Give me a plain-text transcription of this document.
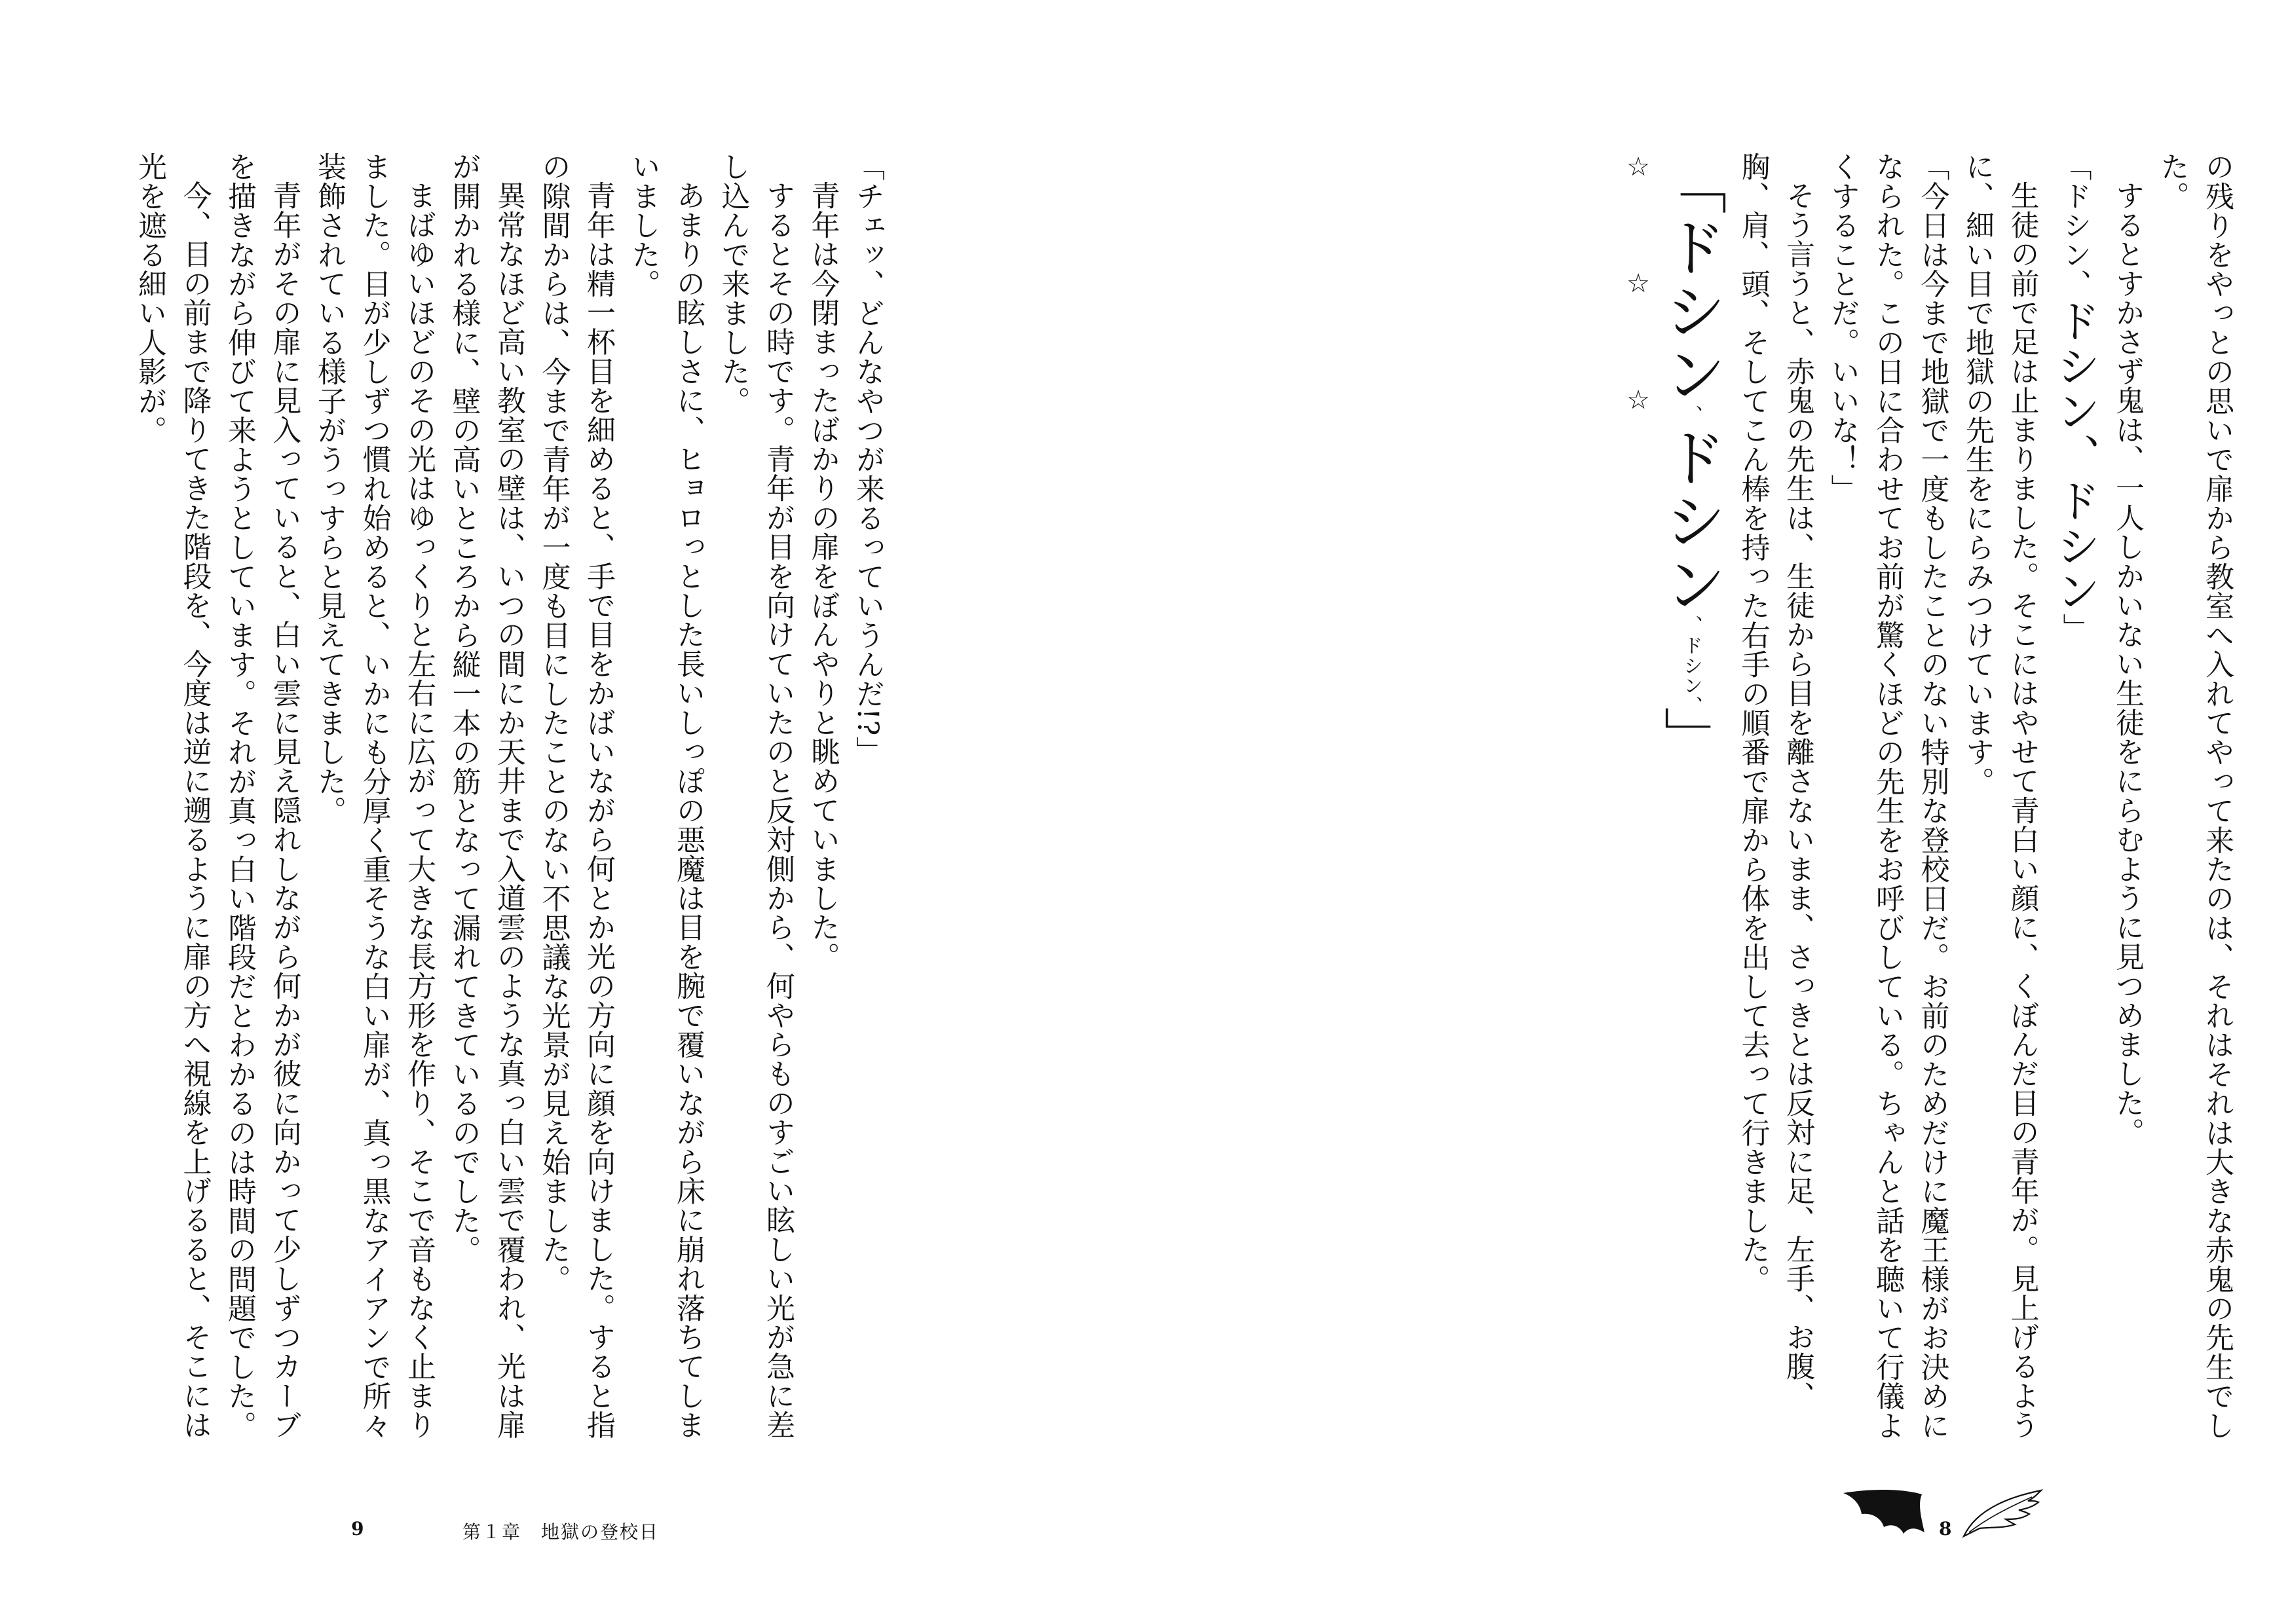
の残りをやっとの思いで扉から教室へ入れてやって来たのは、それはそれは大きな赤鬼の先生でした。

するとすかさず鬼は、一人しかいない生徒をにらむように見つめました。

「ドシン、ドシン、ドシン」

生徒の前で足は止まりました。そこにはやせて青白い顔に、くぼんだ目の青年が。見上げるように、細い目で地獄の先生をにらみつけています。

「今日は今まで地獄で一度もしたことのない特別な登校日だ。お前のためだけに魔王様がお決めになられた。この日に合わせてお前が驚くほどの先生をお呼びしている。ちゃんと話を聴いて行儀よくすることだ。いいな！」

そう言うと、赤鬼の先生は、生徒から目を離さないまま、さっきとは反対に足、左手、お腹、胸、肩、頭、そしてこん棒を持った右手の順番で扉から体を出して去って行きました。

「ドシン、ドシン、ドシン、」

☆☆☆

8

「チェッ、どんなやつが来るっていうんだ!?」

青年は今閉まったばかりの扉をぼんやりと眺めていました。

するとその時です。青年が目を向けていたのと反対側から、何やらものすごい眩しい光が急に差し込んで来ました。

あまりの眩しさに、ヒョロっとした長いしっぽの悪魔は目を腕で覆いながら床に崩れ落ちてしまいました。

青年は精一杯目を細めると、手で目をかばいながら何とか光の方向に顔を向けました。すると指の隙間からは、今まで青年が一度も目にしたことのない不思議な光景が見え始ました。

異常なほど高い教室の壁は、いつの間にか天井まで入道雲のような真っ白い雲で覆われ、光は扉が開かれる様に、壁の高いところから縦一本の筋となって漏れてきているのでした。

まばゆいほどのその光はゆっくりと左右に広がって大きな長方形を作り、そこで音もなく止まりました。目が少しずつ慣れ始めると、いかにも分厚く重そうな白い扉が、真っ黒なアイアンで所々装飾されている様子がうっすらと見えてきました。

青年がその扉に見入っていると、白い雲に見え隠れしながら何かが彼に向かって少しずつカーブを描きながら伸びて来ようとしています。それが真っ白い階段だとわかるのは時間の問題でした。

今、目の前まで降りてきた階段を、今度は逆に遡るように扉の方へ視線を上げるると、そこには光を遮る細い人影が。

9	第１章　地獄の登校日
